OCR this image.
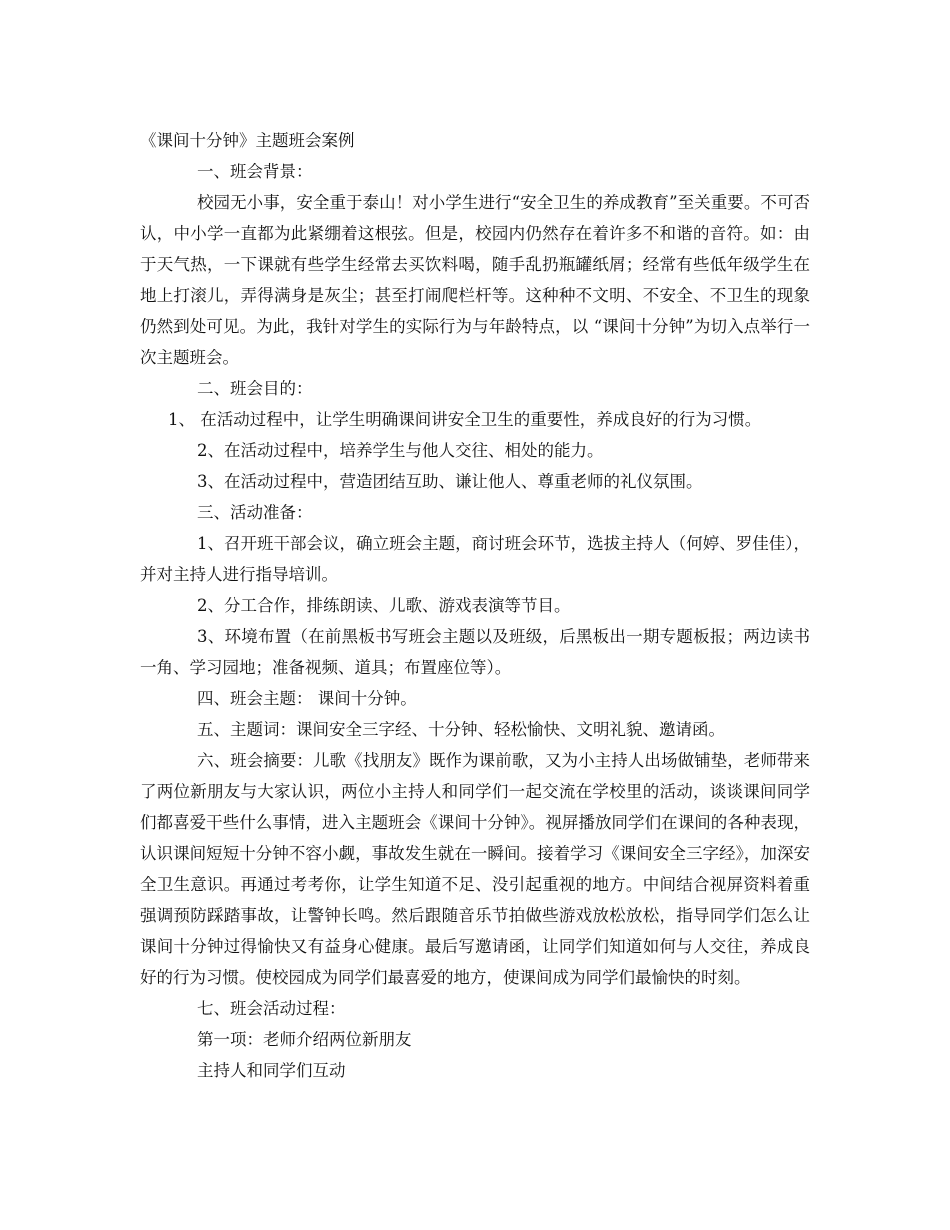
《课间十分钟》主题班会案例

一、班会背景：

校园无小事，安全重于泰山！对小学生进行“安全卫生的养成教育”至关重要。不可否认，中小学一直都为此紧绷着这根弦。但是，校园内仍然存在着许多不和谐的音符。如：由于天气热，一下课就有些学生经常去买饮料喝，随手乱扔瓶罐纸屑；经常有些低年级学生在地上打滚儿，弄得满身是灰尘；甚至打闹爬栏杆等。这种种不文明、不安全、不卫生的现象仍然到处可见。为此，我针对学生的实际行为与年龄特点，以 “课间十分钟”为切入点举行一次主题班会。

二、班会目的：

1、 在活动过程中，让学生明确课间讲安全卫生的重要性，养成良好的行为习惯。

2、在活动过程中，培养学生与他人交往、相处的能力。

3、在活动过程中，营造团结互助、谦让他人、尊重老师的礼仪氛围。

三、活动准备：

1、召开班干部会议，确立班会主题，商讨班会环节，选拔主持人（何婷、罗佳佳），并对主持人进行指导培训。

2、分工合作，排练朗读、儿歌、游戏表演等节目。

3、环境布置（在前黑板书写班会主题以及班级，后黑板出一期专题板报；两边读书一角、学习园地；准备视频、道具；布置座位等）。

四、班会主题： 课间十分钟。

五、主题词：课间安全三字经、十分钟、轻松愉快、文明礼貌、邀请函。

六、班会摘要：儿歌《找朋友》既作为课前歌，又为小主持人出场做铺垫，老师带来了两位新朋友与大家认识，两位小主持人和同学们一起交流在学校里的活动，谈谈课间同学们都喜爱干些什么事情，进入主题班会《课间十分钟》。视屏播放同学们在课间的各种表现，认识课间短短十分钟不容小觑，事故发生就在一瞬间。接着学习《课间安全三字经》，加深安全卫生意识。再通过考考你，让学生知道不足、没引起重视的地方。中间结合视屏资料着重强调预防踩踏事故，让警钟长鸣。然后跟随音乐节拍做些游戏放松放松，指导同学们怎么让课间十分钟过得愉快又有益身心健康。最后写邀请函，让同学们知道如何与人交往，养成良好的行为习惯。使校园成为同学们最喜爱的地方，使课间成为同学们最愉快的时刻。

七、班会活动过程：

第一项：老师介绍两位新朋友

主持人和同学们互动
